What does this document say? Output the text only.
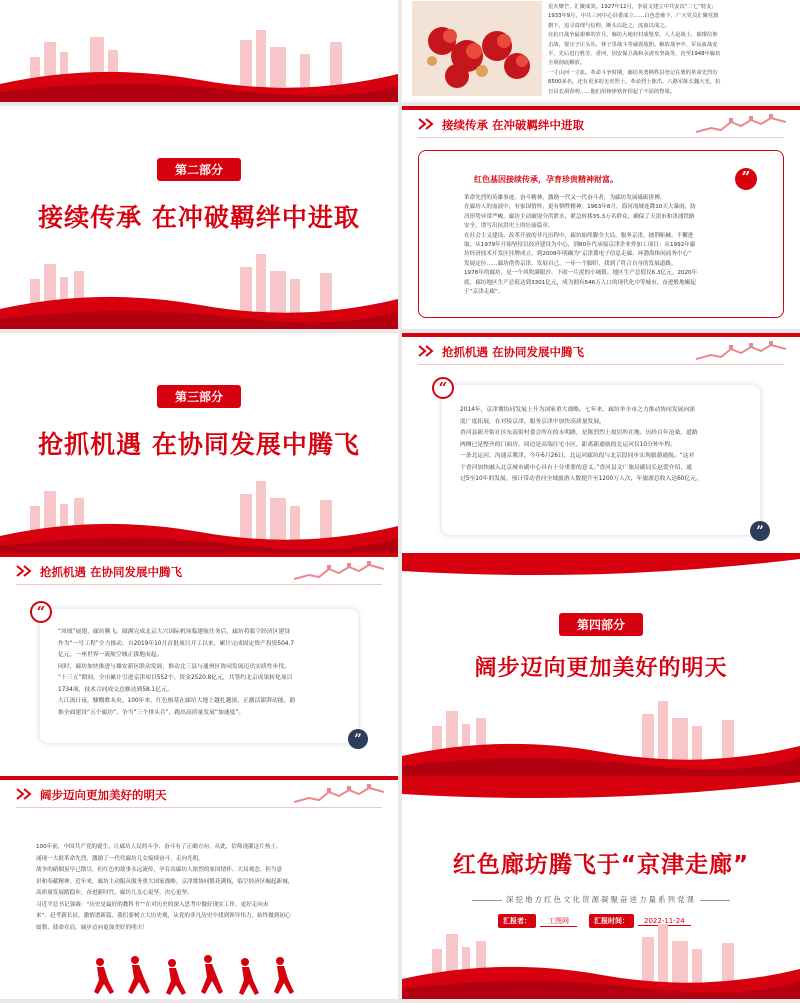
星火燎芒，汇聚成炎。1927年12月，李晨文建立中共安次“二七”特支；

1933年9月，中共三河中心县委成立……白色恐怖下，广大党员汇聚党旗

旗下，追寻真理与信仰，断头以赴之，流血以成之。

在抗日战争最艰难的岁月，廊坊大地村村成堡垒、人人是战士，璀璨信仰

击战，要庄子庄头丛、林子里战斗等威震敌胆。解放战争中，军民血战安

平，先后进行胜芳、香河，固安保卫战和永清攻坚战等，直至1948年廊坊

全境彻底解放。

一寸山河一寸血。革命斗争时期，廊坊英勇牺牲县登记在册的革命先烈有

8500多名，还有更多的无名烈士。革命烈士陈爪、八路军陈长魏大光、抗

日县长胡春明……他们用铮铮铁骨捍起了不屈的脊梁。

第二部分
接续传承 在冲破羁绊中进取
接续传承 在冲破羁绊中进取
”
红色基因接续传承，孕育珍贵精神财富。

革命先烈的英雄事迹、奋斗精神，激励一代又一代奋斗者，为廊坊发展砥砺拼搏。

在廊坊人的血液中，有家国情怀，更有牺牲精神。1963年8月，海河流域连降10天大暴雨，防

汛形势异常严峻，廊坊主动破堤分洪泄水，紧急转移35.3万名群众，确保了天津市和津浦铁路

安全，谱写出抗洪史上的壮丽篇章。

在社会主义建设、改革开放的非凡历程中，廊坊始终脚全大局、服务京津，披荆斩棘、不懈进

取。从1979年开始坚持以经济建设为中心，到80年代承接京津企业外加工项目；从1992年廊

坊经济技术开发区挂牌成立，到2008年明确为“京津冀电子信息走廊、环渤海休闲商务中心”

发展定位……廊坊借势京津、发展自己，一步一个脚印，找到了符合自身的发展道路。

1978年的廊坊，是一个风吹满眼沙、下雨一片泥的小城镇。地区生产总值仅6.3亿元。2020年

底，廊坊地区生产总值达到3301亿元，成为拥有546万人口的现代化中等城市，奋进般地崛起

于“京津走廊”。

第三部分
抢抓机遇 在协同发展中腾飞
抢抓机遇 在协同发展中腾飞
“
”

2014年，京津冀协同发展上升为国家重大战略。七年来，廊坊举全市之力推动协同发展向深

度广度拓展，在对接京津、服务京津中加快高质量发展。

香河县新开街社区东南街村委会所在的永明路，是陈烈烈士故居所在地。历经百年沧桑，道路

两侧已是整齐的门面房，周边是高端住宅小区，距离新通航的北运河仅10分钟车程。

一条北运河，沟通京冀津。今年6月26日，北运河廊坊段与北京段同步实现旅游通航。“这对

于香河加快融入北京城市副中心具有十分重要的意义。”香河县文广旅局副局长赵爱介绍，通

过5至10年的发展，预计带动香河全域旅游人数提升至1200万人次，年旅游总收入达60亿元。

抢抓机遇 在协同发展中腾飞
“
”

“凤凰”展翅，廊坊腾飞。圆满完成北京大兴国际机场临建航任务后，廊坊将临空经济区建设

作为“一号工程”全力推动，自2019年10月首批项目开工以来，累计完成固定资产投资504.7

亿元，一座世界一流航空城正拔地而起。

同时，廊坊加快推进与雄安新区联动发展，推动北三县与通州区协同发展迈出实质性步伐。

“十三五”期间，全市累计引进京津项目552个、资金2520.8亿元，共签约北京成果转化项目

1734项，技术合同成交总额达到58.1亿元。

大江流日夜，慷慨歌未央。100年来，红色根基在廊坊大地上越扎越深，正激活澎湃动能，助

推全面建设“五个廊坊”、争当“三个排头兵”，跑出高质量发展“加速度”。

第四部分
阔步迈向更加美好的明天
阔步迈向更加美好的明天

100年前，中国共产党的诞生，让廊坊人民的斗争、奋斗有了正确方向。从此，信仰浇灌这片热土，

涌现一大批革命先烈，激励了一代代廊坊儿女接续奋斗，走向光明。

战争的硝烟虽早已散尽，但红色的故事永远流传，孕育出廊坊人浓烈的家国情怀、大局观念、担当意

识和奉献精神。近年来，廊坊主动服从服务重大国家战略，京津冀协同繁花满枝，临空经济区崛起新城，

高质量发展踏稳步，奋进新时代，廊坊儿女心更坚、决心更坚。

习近平总书记强调：“历史是最好的教科书”“在对历史的深入思考中做好现实工作、更好走向未

来”。赶考新长征，激情谱新篇。我们要树立大历史观，从党的非凡历史中找到领导伟力，始终做到初心

如磐、使命在肩，阔步迈向更加美好的明天！

红色廊坊腾飞于“京津走廊”
深挖地方红色文化资源凝聚奋进力量系列党课
汇报者：	工图网	汇报时间：	2022-11-24
